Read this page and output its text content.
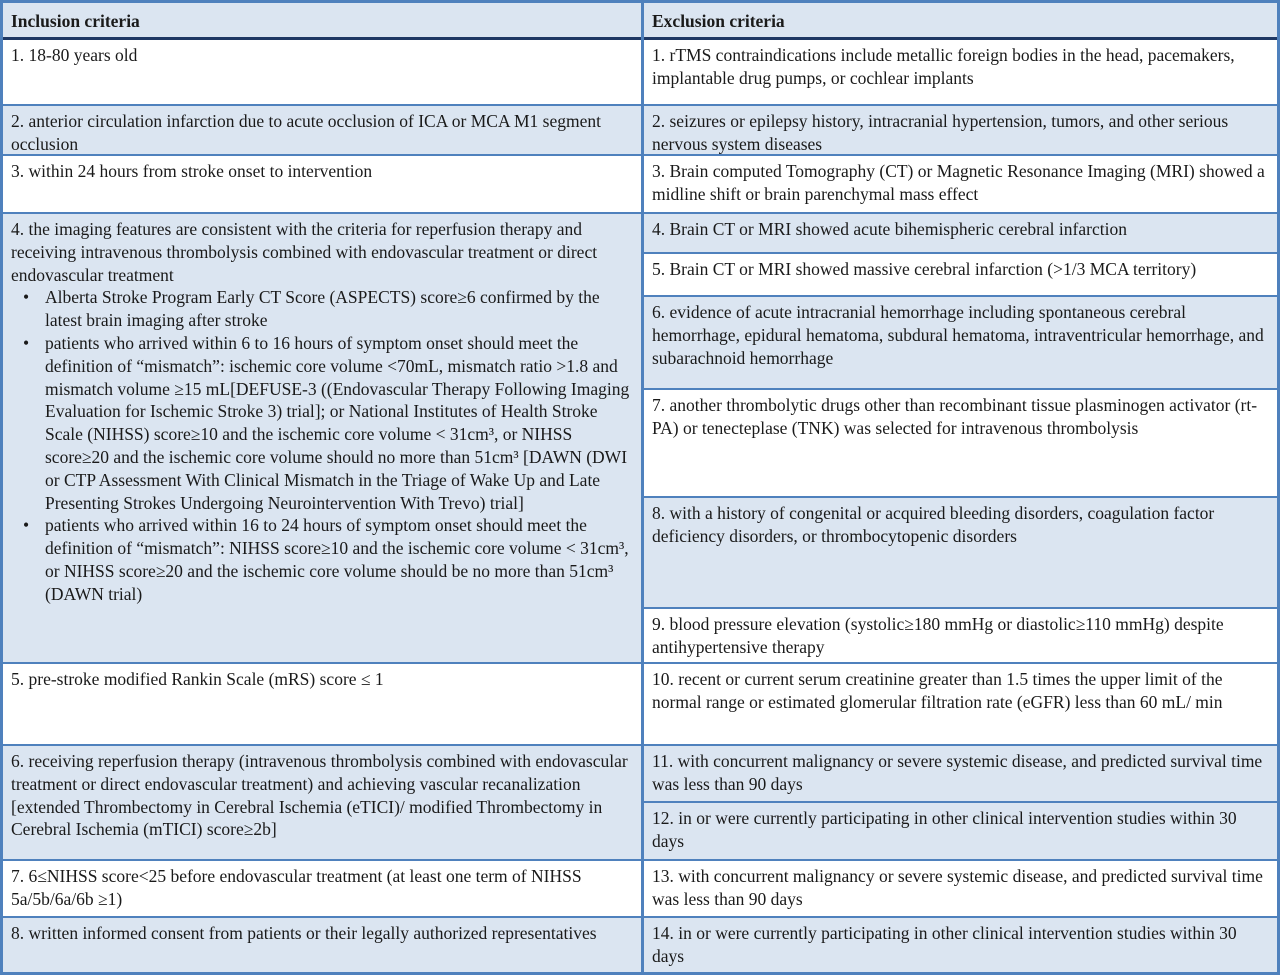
Inclusion criteria
1. 18-80 years old
2. anterior circulation infarction due to acute occlusion of ICA or MCA M1 segment occlusion
3. within 24 hours from stroke onset to intervention
4. the imaging features are consistent with the criteria for reperfusion therapy and receiving intravenous thrombolysis combined with endovascular treatment or direct endovascular treatment
• Alberta Stroke Program Early CT Score (ASPECTS) score≥6 confirmed by the latest brain imaging after stroke
• patients who arrived within 6 to 16 hours of symptom onset should meet the definition of “mismatch”: ischemic core volume <70mL, mismatch ratio >1.8 and mismatch volume ≥15 mL[DEFUSE-3 ((Endovascular Therapy Following Imaging Evaluation for Ischemic Stroke 3) trial]; or National Institutes of Health Stroke Scale (NIHSS) score≥10 and the ischemic core volume < 31cm³, or NIHSS score≥20 and the ischemic core volume should no more than 51cm³ [DAWN (DWI or CTP Assessment With Clinical Mismatch in the Triage of Wake Up and Late Presenting Strokes Undergoing Neurointervention With Trevo) trial]
• patients who arrived within 16 to 24 hours of symptom onset should meet the definition of “mismatch”: NIHSS score≥10 and the ischemic core volume < 31cm³, or NIHSS score≥20 and the ischemic core volume should be no more than 51cm³ (DAWN trial)
5. pre-stroke modified Rankin Scale (mRS) score ≤ 1
6. receiving reperfusion therapy (intravenous thrombolysis combined with endovascular treatment or direct endovascular treatment) and achieving vascular recanalization [extended Thrombectomy in Cerebral Ischemia (eTICI)/ modified Thrombectomy in Cerebral Ischemia (mTICI) score≥2b]
7. 6≤NIHSS score<25 before endovascular treatment (at least one term of NIHSS 5a/5b/6a/6b ≥1)
8. written informed consent from patients or their legally authorized representatives
Exclusion criteria
1. rTMS contraindications include metallic foreign bodies in the head, pacemakers, implantable drug pumps, or cochlear implants
2. seizures or epilepsy history, intracranial hypertension, tumors, and other serious nervous system diseases
3. Brain computed Tomography (CT) or Magnetic Resonance Imaging (MRI) showed a midline shift or brain parenchymal mass effect
4. Brain CT or MRI showed acute bihemispheric cerebral infarction
5. Brain CT or MRI showed massive cerebral infarction (>1/3 MCA territory)
6. evidence of acute intracranial hemorrhage including spontaneous cerebral hemorrhage, epidural hematoma, subdural hematoma, intraventricular hemorrhage, and subarachnoid hemorrhage
7. another thrombolytic drugs other than recombinant tissue plasminogen activator (rt-PA) or tenecteplase (TNK) was selected for intravenous thrombolysis
8. with a history of congenital or acquired bleeding disorders, coagulation factor deficiency disorders, or thrombocytopenic disorders
9. blood pressure elevation (systolic≥180 mmHg or diastolic≥110 mmHg) despite antihypertensive therapy
10. recent or current serum creatinine greater than 1.5 times the upper limit of the normal range or estimated glomerular filtration rate (eGFR) less than 60 mL/ min
11. with concurrent malignancy or severe systemic disease, and predicted survival time was less than 90 days
12. in or were currently participating in other clinical intervention studies within 30 days
13. with concurrent malignancy or severe systemic disease, and predicted survival time was less than 90 days
14. in or were currently participating in other clinical intervention studies within 30 days
